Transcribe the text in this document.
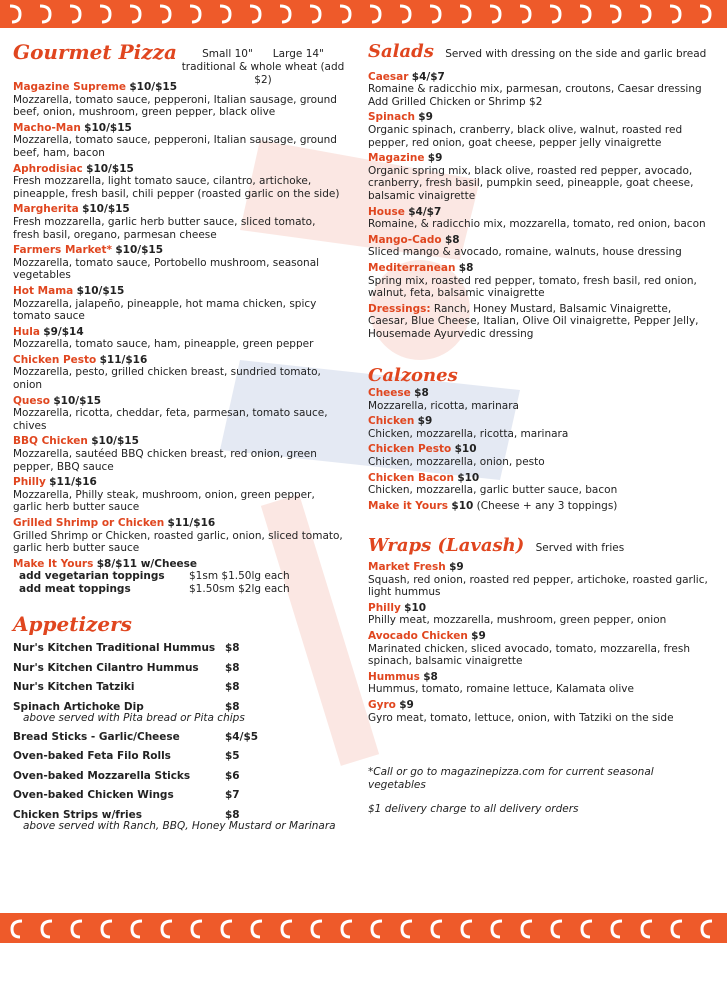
Gourmet Pizza	Small 10"      Large 14"
traditional & whole wheat (add $2)
Magazine Supreme $10/$15
Mozzarella, tomato sauce, pepperoni, Italian sausage, ground beef, onion, mushroom, green pepper, black olive
Macho-Man $10/$15
Mozzarella, tomato sauce, pepperoni, Italian sausage, ground beef, ham, bacon
Aphrodisiac $10/$15
Fresh mozzarella, light tomato sauce, cilantro, artichoke, pineapple, fresh basil, chili pepper (roasted garlic on the side)
Margherita $10/$15
Fresh mozzarella, garlic herb butter sauce, sliced tomato, fresh basil, oregano, parmesan cheese
Farmers Market* $10/$15
Mozzarella, tomato sauce, Portobello mushroom, seasonal vegetables
Hot Mama $10/$15
Mozzarella, jalapeño, pineapple, hot mama chicken, spicy tomato sauce
Hula $9/$14
Mozzarella, tomato sauce, ham, pineapple, green pepper
Chicken Pesto $11/$16
Mozzarella, pesto, grilled chicken breast, sundried tomato, onion
Queso $10/$15
Mozzarella, ricotta, cheddar, feta, parmesan, tomato sauce, chives
BBQ Chicken $10/$15
Mozzarella, sautéed BBQ chicken breast, red onion, green pepper, BBQ sauce
Philly $11/$16
Mozzarella, Philly steak, mushroom, onion, green pepper, garlic herb butter sauce
Grilled Shrimp or Chicken $11/$16
Grilled Shrimp or Chicken, roasted garlic, onion, sliced tomato, garlic herb butter sauce
Make It Yours $8/$11 w/Cheese
add vegetarian toppings	$1sm $1.50lg each
add meat toppings	$1.50sm $2lg each
Appetizers
Nur's Kitchen Traditional Hummus $8
Nur's Kitchen Cilantro Hummus	$8
Nur's Kitchen Tatziki	$8
Spinach Artichoke Dip	$8
above served with Pita bread or Pita chips
Bread Sticks - Garlic/Cheese	$4/$5
Oven-baked Feta Filo Rolls	$5
Oven-baked Mozzarella Sticks	$6
Oven-baked Chicken Wings	$7
Chicken Strips w/fries	$8
above served with Ranch, BBQ, Honey Mustard or Marinara
Salads Served with dressing on the side and garlic bread
Caesar $4/$7
Romaine & radicchio mix, parmesan, croutons, Caesar dressing
Add Grilled Chicken or Shrimp $2
Spinach $9
Organic spinach, cranberry, black olive, walnut, roasted red pepper, red onion, goat cheese, pepper jelly vinaigrette
Magazine $9
Organic spring mix, black olive, roasted red pepper, avocado, cranberry, fresh basil, pumpkin seed, pineapple, goat cheese, balsamic vinaigrette
House $4/$7
Romaine, & radicchio mix, mozzarella, tomato, red onion, bacon
Mango-Cado $8
Sliced mango & avocado, romaine, walnuts, house dressing
Mediterranean $8
Spring mix, roasted red pepper, tomato, fresh basil, red onion, walnut, feta, balsamic vinaigrette
Dressings: Ranch, Honey Mustard, Balsamic Vinaigrette, Caesar, Blue Cheese, Italian, Olive Oil vinaigrette, Pepper Jelly, Housemade Ayurvedic dressing
Calzones
Cheese $8
Mozzarella, ricotta, marinara
Chicken $9
Chicken, mozzarella, ricotta, marinara
Chicken Pesto $10
Chicken, mozzarella, onion, pesto
Chicken Bacon $10
Chicken, mozzarella, garlic butter sauce, bacon
Make it Yours $10 (Cheese + any 3 toppings)
Wraps (Lavash) Served with fries
Market Fresh $9
Squash, red onion, roasted red pepper, artichoke, roasted garlic, light hummus
Philly $10
Philly meat, mozzarella, mushroom, green pepper, onion
Avocado Chicken $9
Marinated chicken, sliced avocado, tomato, mozzarella, fresh spinach, balsamic vinaigrette
Hummus $8
Hummus, tomato, romaine lettuce, Kalamata olive
Gyro $9
Gyro meat, tomato, lettuce, onion, with Tatziki on the side
*Call or go to magazinepizza.com for current seasonal vegetables
$1 delivery charge to all delivery orders
